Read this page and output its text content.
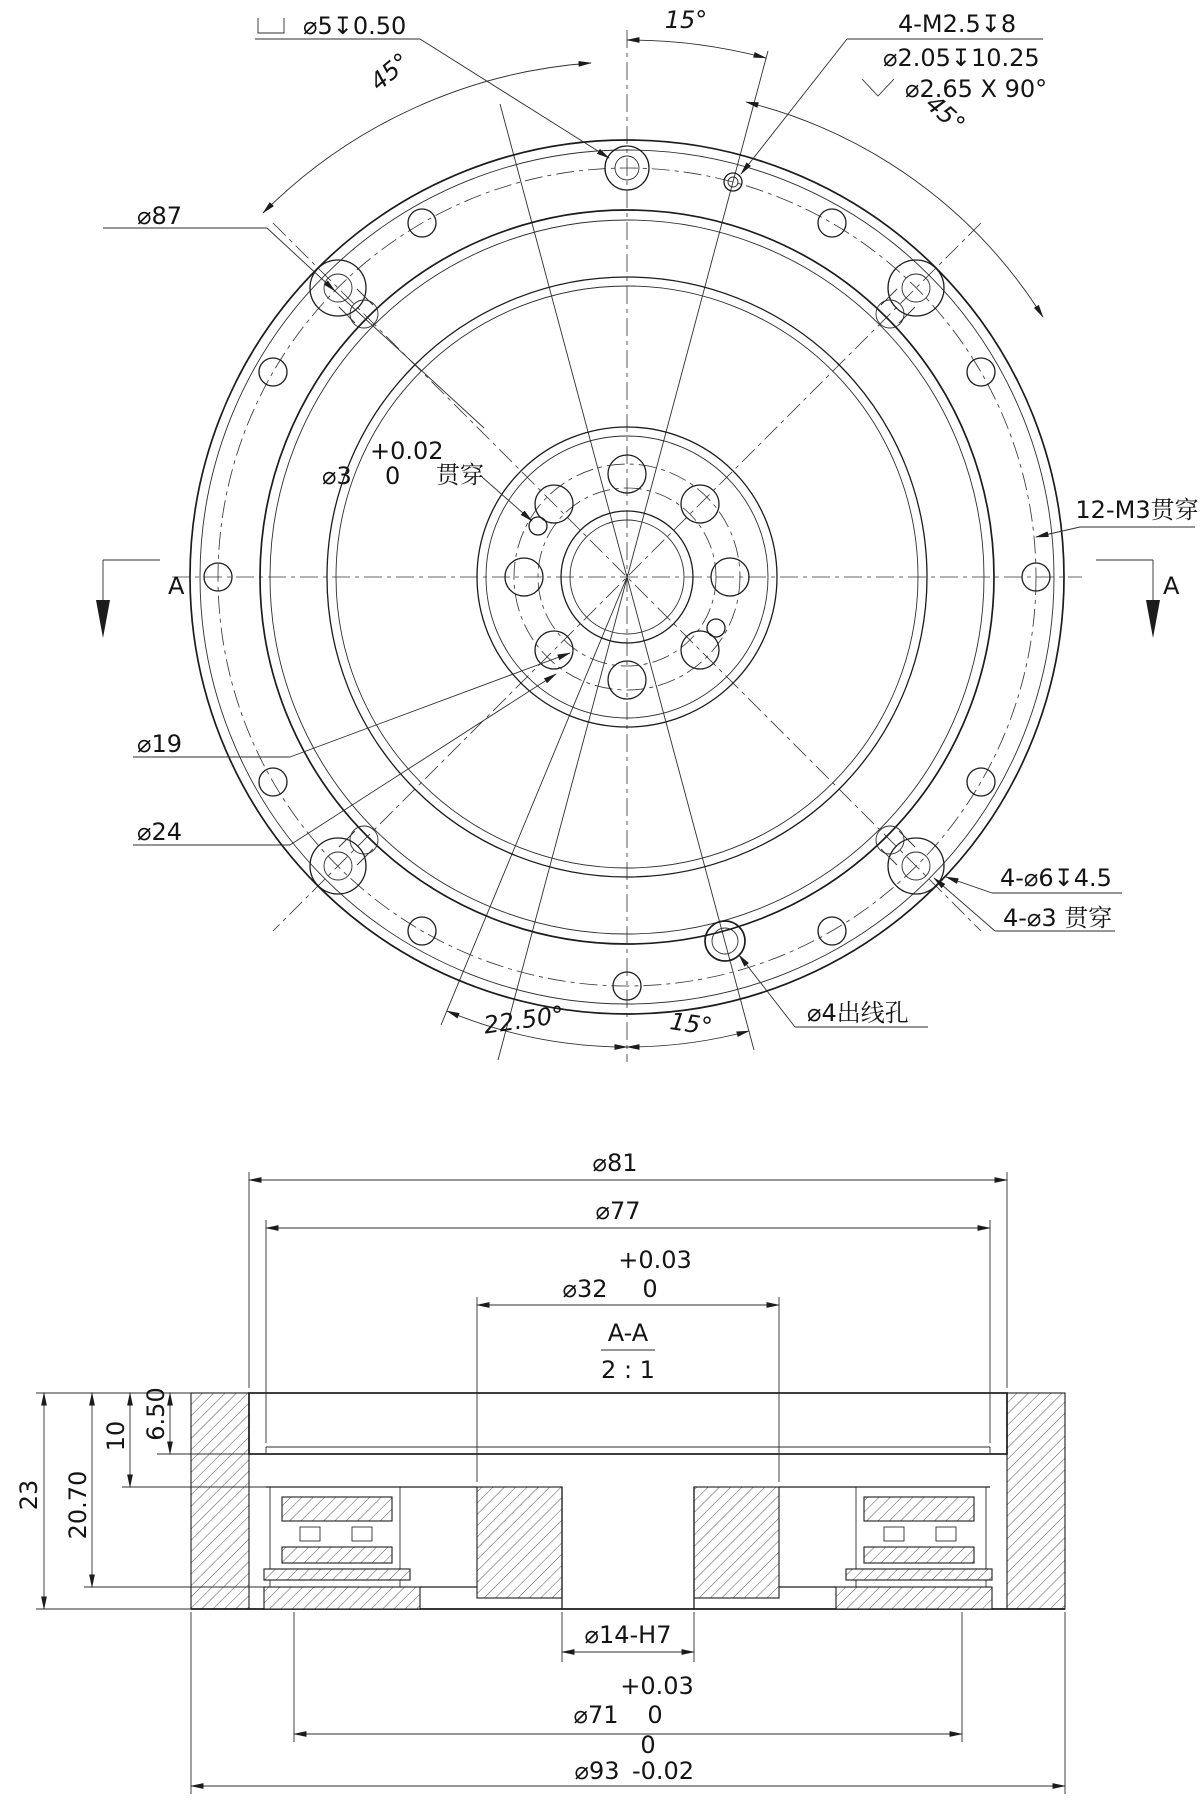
A	A
⌀5↧0.50
45°
15°	4-M2.5↧8
⌀2.05↧10.25
⌀2.65 X 90°
45°
⌀87
+0.02
⌀3 0 贯穿
12-M3贯穿
⌀19
⌀24
4-⌀6↧4.5
4-⌀3 贯穿
22.50°	15°	⌀4出线孔
⌀81
⌀77
+0.03
⌀32 0
A-A
2 : 1
23 20.70
10 6.50
⌀14-H7
+0.03
⌀71 0
0
⌀93 -0.02
